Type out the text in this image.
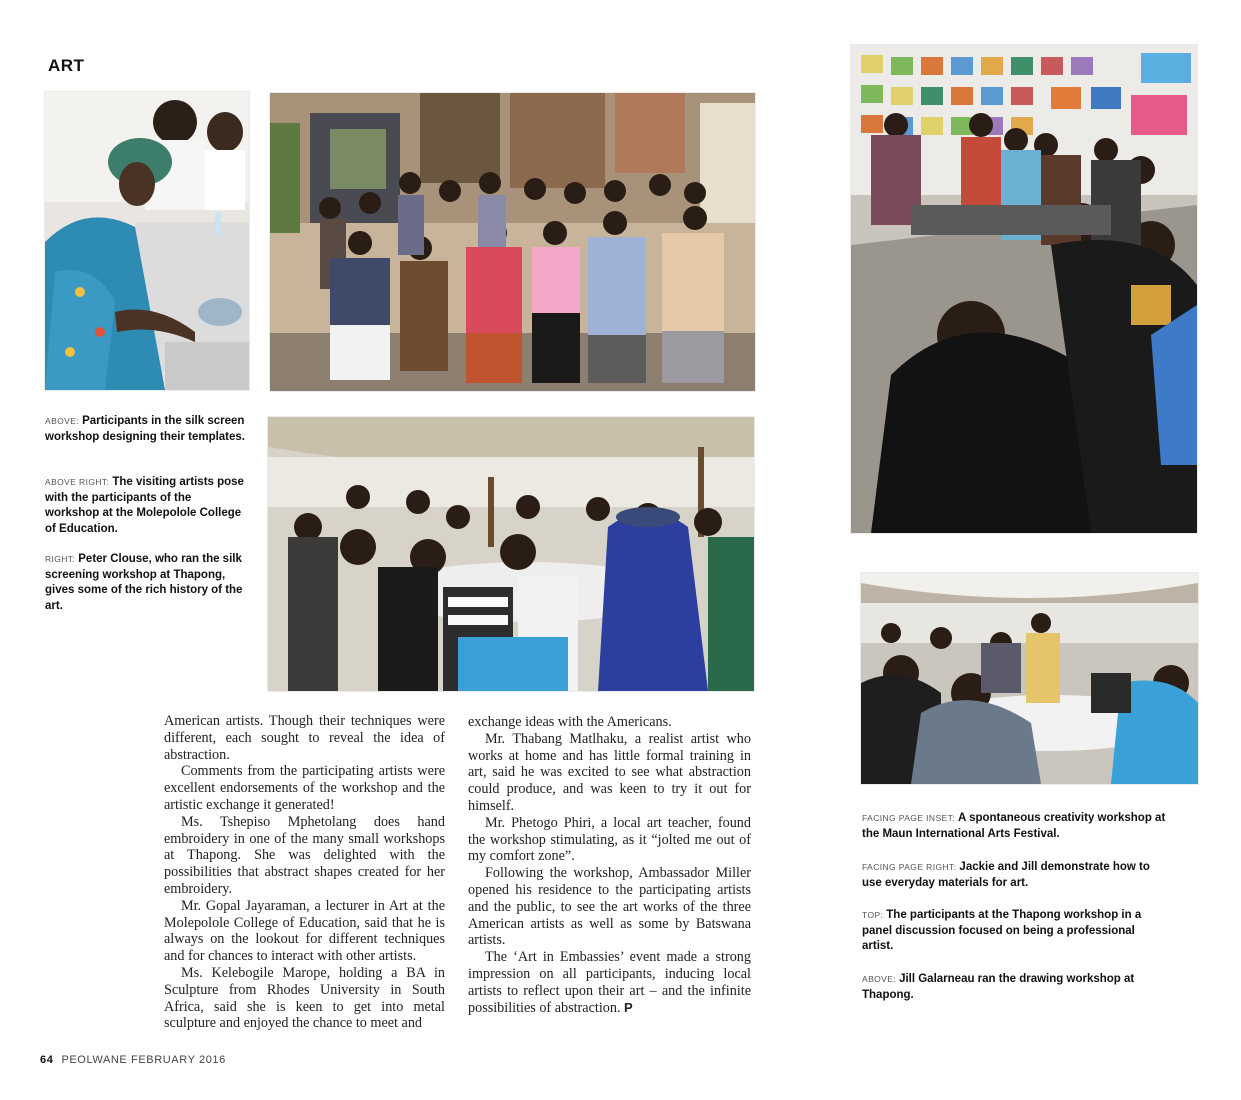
ART
ABOVE: Participants in the silk screen workshop designing their templates.
ABOVE RIGHT: The visiting artists pose with the participants of the workshop at the Molepolole College of Education.
RIGHT: Peter Clouse, who ran the silk screening workshop at Thapong, gives some of the rich history of the art.
FACING PAGE INSET: A spontaneous creativity workshop at the Maun International Arts Festival.
FACING PAGE RIGHT: Jackie and Jill demonstrate how to use everyday materials for art.
TOP: The participants at the Thapong workshop in a panel discussion focused on being a professional artist.
ABOVE: Jill Galarneau ran the drawing workshop at Thapong.

American artists. Though their techniques were different, each sought to reveal the idea of abstraction.

Comments from the participating artists were excellent endorsements of the workshop and the artistic exchange it generated!

Ms. Tshepiso Mphetolang does hand embroidery in one of the many small workshops at Thapong. She was delighted with the possibilities that abstract shapes created for her embroidery.

Mr. Gopal Jayaraman, a lecturer in Art at the Molepolole College of Education, said that he is always on the lookout for different techniques and for chances to interact with other artists.

Ms. Kelebogile Marope, holding a BA in Sculpture from Rhodes University in South Africa, said she is keen to get into metal sculpture and enjoyed the chance to meet and

exchange ideas with the Americans.

Mr. Thabang Matlhaku, a realist artist who works at home and has little formal training in art, said he was excited to see what abstraction could produce, and was keen to try it out for himself.

Mr. Phetogo Phiri, a local art teacher, found the workshop stimulating, as it “jolted me out of my comfort zone”.

Following the workshop, Ambassador Miller opened his residence to the participating artists and the public, to see the art works of the three American artists as well as some by Batswana artists.

The ‘Art in Embassies’ event made a strong impression on all participants, inducing local artists to reflect upon their art – and the infinite possibilities of abstraction. P

64 PEOLWANE FEBRUARY 2016
